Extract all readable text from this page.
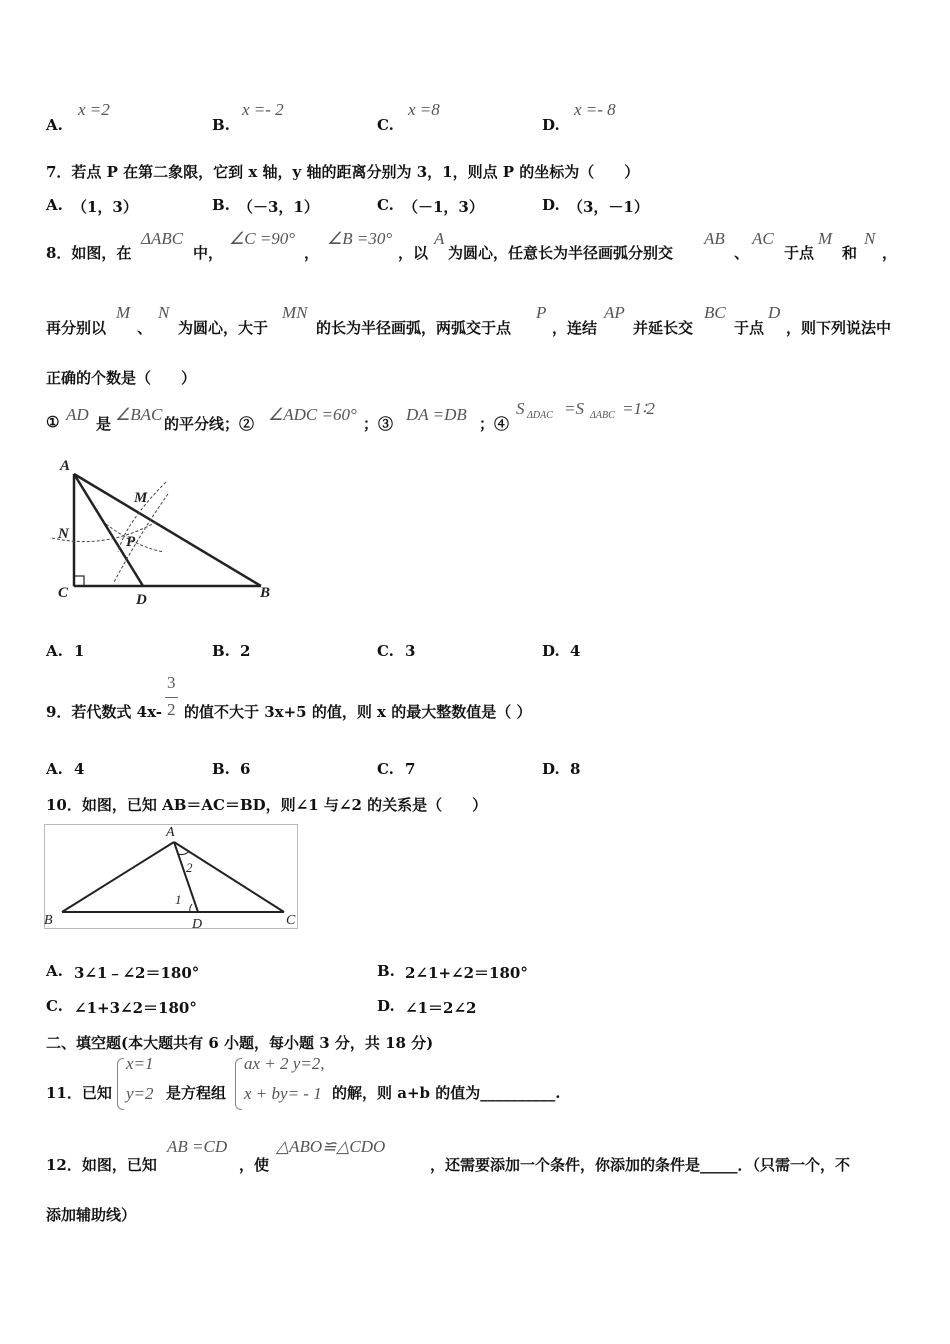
A.
x =2
B.
x =- 2
C.
x =8
D.
x =- 8
7．若点 P 在第二象限，它到 x 轴，y 轴的距离分别为 3，1，则点 P 的坐标为（　　）
A. （1，3）	B. （－3，1）	C. （－1，3）	D. （3，－1）
8．如图，在
ΔABC
中，
∠C =90°
，
∠B =30°
，以
A
为圆心，任意长为半径画弧分别交
AB
、
AC
于点
M
和
N
，
再分别以
M
、
N
为圆心，大于
MN
的长为半径画弧，两弧交于点
P
，连结
AP
并延长交
BC
于点
D
，则下列说法中
正确的个数是（　　）
① AD 是 ∠BAC 的平分线；② ∠ADC =60° ；③ DA =DB ；④
S ΔDAC =S ΔABC =1∶2
A
M
N	P
C	D	B
A. 1	B. 2	C. 3	D. 4
9．若代数式 4x-
3
2 的值不大于 3x+5 的值，则 x 的最大整数值是（ ）
A. 4	B. 6	C. 7	D. 8
10．如图，已知 AB＝AC＝BD，则∠1 与∠2 的关系是（　　）
A
B	C
D
2
1
A. 3∠1﹣∠2＝180°	B. 2∠1+∠2＝180°
C. ∠1+3∠2＝180°	D. ∠1＝2∠2
二、填空题(本大题共有 6 小题，每小题 3 分，共 18 分)
11．已知
x=1
y=2 是方程组
ax + 2 y=2,
x + by= - 1 的解，则 a+b 的值为__________.
12．如图，已知
AB =CD
，使
△ABO≌△CDO
，还需要添加一个条件，你添加的条件是_____．（只需一个，不
添加辅助线）
